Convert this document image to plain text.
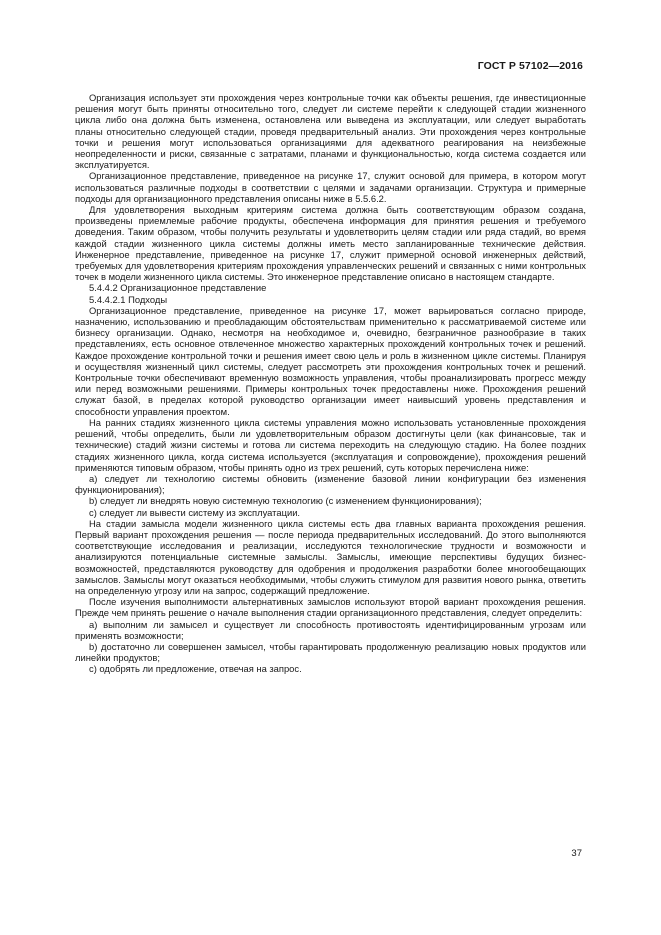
ГОСТ Р 57102—2016

Организация использует эти прохождения через контрольные точки как объекты решения, где инвестиционные решения могут быть приняты относительно того, следует ли системе перейти к следующей стадии жизненного цикла либо она должна быть изменена, остановлена или выведена из эксплуатации, или следует выработать планы относительно следующей стадии, проведя предварительный анализ. Эти прохождения через контрольные точки и решения могут использоваться организациями для адекватного реагирования на неизбежные неопределенности и риски, связанные с затратами, планами и функциональностью, когда система создается или эксплуатируется.

Организационное представление, приведенное на рисунке 17, служит основой для примера, в котором могут использоваться различные подходы в соответствии с целями и задачами организации. Структура и примерные подходы для организационного представления описаны ниже в 5.5.6.2.

Для удовлетворения выходным критериям система должна быть соответствующим образом создана, произведены приемлемые рабочие продукты, обеспечена информация для принятия решения и требуемого доведения. Таким образом, чтобы получить результаты и удовлетворить целям стадии или ряда стадий, во время каждой стадии жизненного цикла системы должны иметь место запланированные технические действия. Инженерное представление, приведенное на рисунке 17, служит примерной основой инженерных действий, требуемых для удовлетворения критериям прохождения управленческих решений и связанных с ними контрольных точек в модели жизненного цикла системы. Это инженерное представление описано в настоящем стандарте.

5.4.4.2 Организационное представление

5.4.4.2.1 Подходы

Организационное представление, приведенное на рисунке 17, может варьироваться согласно природе, назначению, использованию и преобладающим обстоятельствам применительно к рассматриваемой системе или бизнесу организации. Однако, несмотря на необходимое и, очевидно, безграничное разнообразие в таких представлениях, есть основное отвлеченное множество характерных прохождений контрольных точек и решений. Каждое прохождение контрольной точки и решения имеет свою цель и роль в жизненном цикле системы. Планируя и осуществляя жизненный цикл системы, следует рассмотреть эти прохождения контрольных точек и решений. Контрольные точки обеспечивают временную возможность управления, чтобы проанализировать прогресс между или перед возможными решениями. Примеры контрольных точек предоставлены ниже. Прохождения решений служат базой, в пределах которой руководство организации имеет наивысший уровень представления и способности управления проектом.

На ранних стадиях жизненного цикла системы управления можно использовать установленные прохождения решений, чтобы определить, были ли удовлетворительным образом достигнуты цели (как финансовые, так и технические) стадий жизни системы и готова ли система переходить на следующую стадию. На более поздних стадиях жизненного цикла, когда система используется (эксплуатация и сопровождение), прохождения решений применяются типовым образом, чтобы принять одно из трех решений, суть которых перечислена ниже:

a) следует ли технологию системы обновить (изменение базовой линии конфигурации без изменения функционирования);

b) следует ли внедрять новую системную технологию (с изменением функционирования);

c) следует ли вывести систему из эксплуатации.

На стадии замысла модели жизненного цикла системы есть два главных варианта прохождения решения. Первый вариант прохождения решения — после периода предварительных исследований. До этого выполняются соответствующие исследования и реализации, исследуются технологические трудности и возможности и анализируются потенциальные системные замыслы. Замыслы, имеющие перспективы будущих бизнес-возможностей, представляются руководству для одобрения и продолжения разработки более многообещающих замыслов. Замыслы могут оказаться необходимыми, чтобы служить стимулом для развития нового рынка, ответить на определенную угрозу или на запрос, содержащий предложение.

После изучения выполнимости альтернативных замыслов используют второй вариант прохождения решения. Прежде чем принять решение о начале выполнения стадии организационного представления, следует определить:

a) выполним ли замысел и существует ли способность противостоять идентифицированным угрозам или применять возможности;

b) достаточно ли совершенен замысел, чтобы гарантировать продолженную реализацию новых продуктов или линейки продуктов;

c) одобрять ли предложение, отвечая на запрос.

37
